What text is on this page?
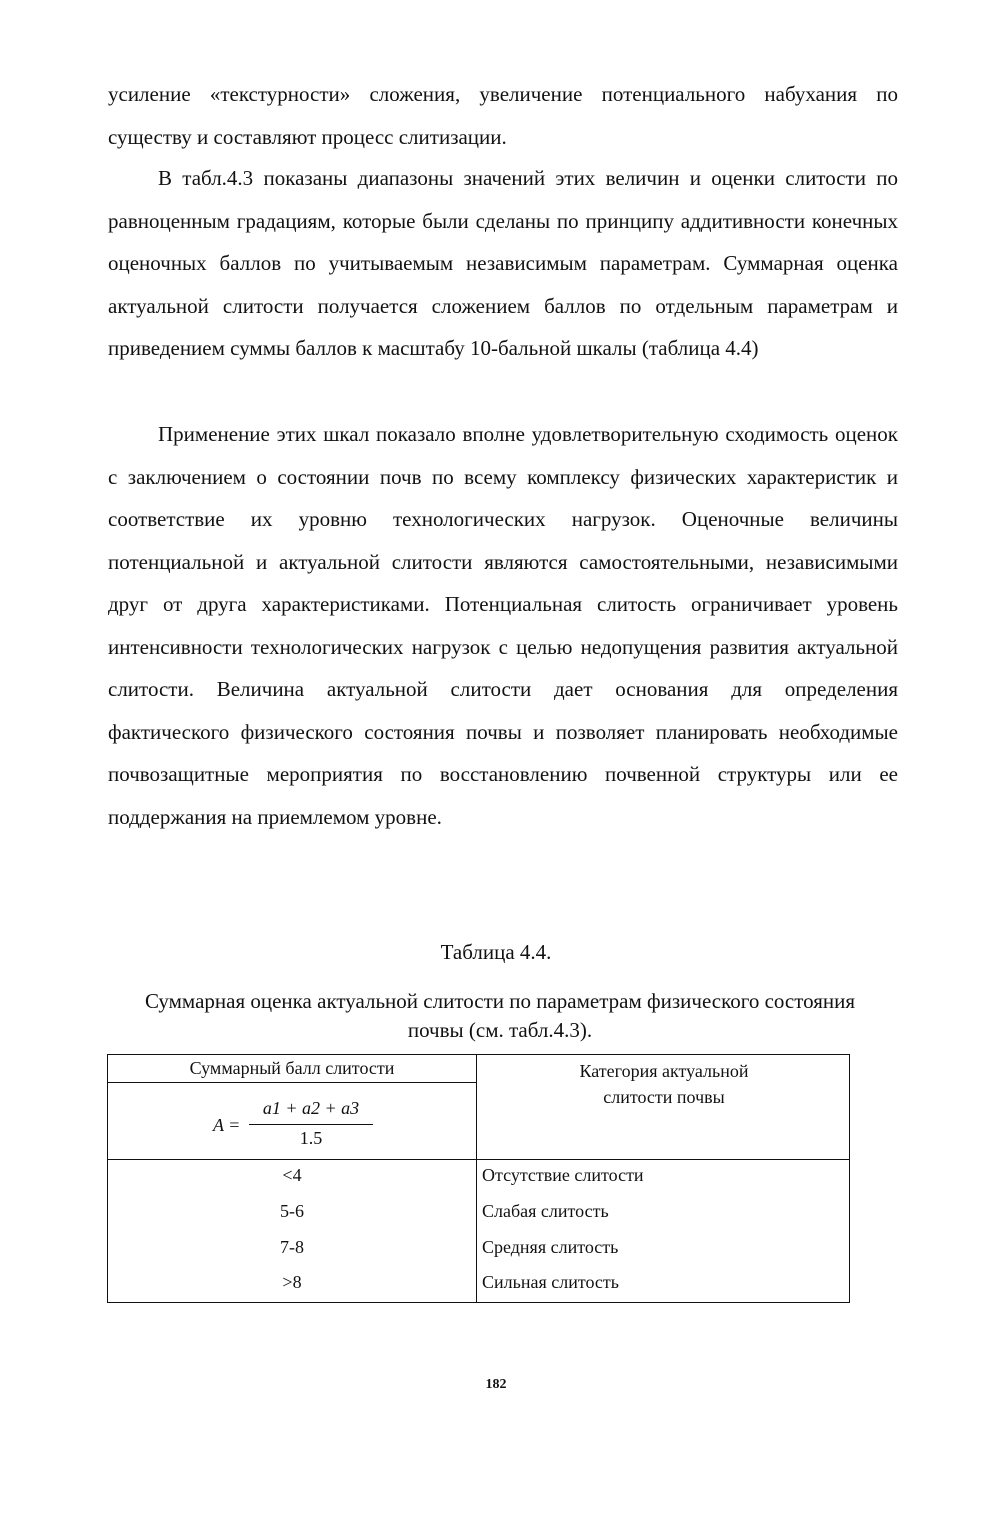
усиление «текстурности» сложения, увеличение потенциального набухания по существу и составляют процесс слитизации.

В табл.4.3 показаны диапазоны значений этих величин и оценки слитости по равноценным градациям, которые были сделаны по принципу аддитивности конечных оценочных баллов по учитываемым независимым параметрам. Суммарная оценка актуальной слитости получается сложением баллов по отдельным параметрам и приведением суммы баллов к масштабу 10-бальной шкалы (таблица 4.4)

Применение этих шкал показало вполне удовлетворительную сходимость оценок с заключением о состоянии почв по всему комплексу физических характеристик и соответствие их уровню технологических нагрузок. Оценочные величины потенциальной и актуальной слитости являются самостоятельными, независимыми друг от друга характеристиками. Потенциальная слитость ограничивает уровень интенсивности технологических нагрузок с целью недопущения развития актуальной слитости. Величина актуальной слитости дает основания для определения фактического физического состояния почвы и позволяет планировать необходимые почвозащитные мероприятия по восстановлению почвенной структуры или ее поддержания на приемлемом уровне.

Таблица 4.4.
Суммарная оценка актуальной слитости по параметрам физического состояния почвы (см. табл.4.3).
Суммарный балл слитости	Категория актуальной
слитости почвы
A =
a1 + a2 + a3
1.5
<4	Отсутствие слитости
5-6	Слабая слитость
7-8	Средняя слитость
>8	Сильная слитость
182
